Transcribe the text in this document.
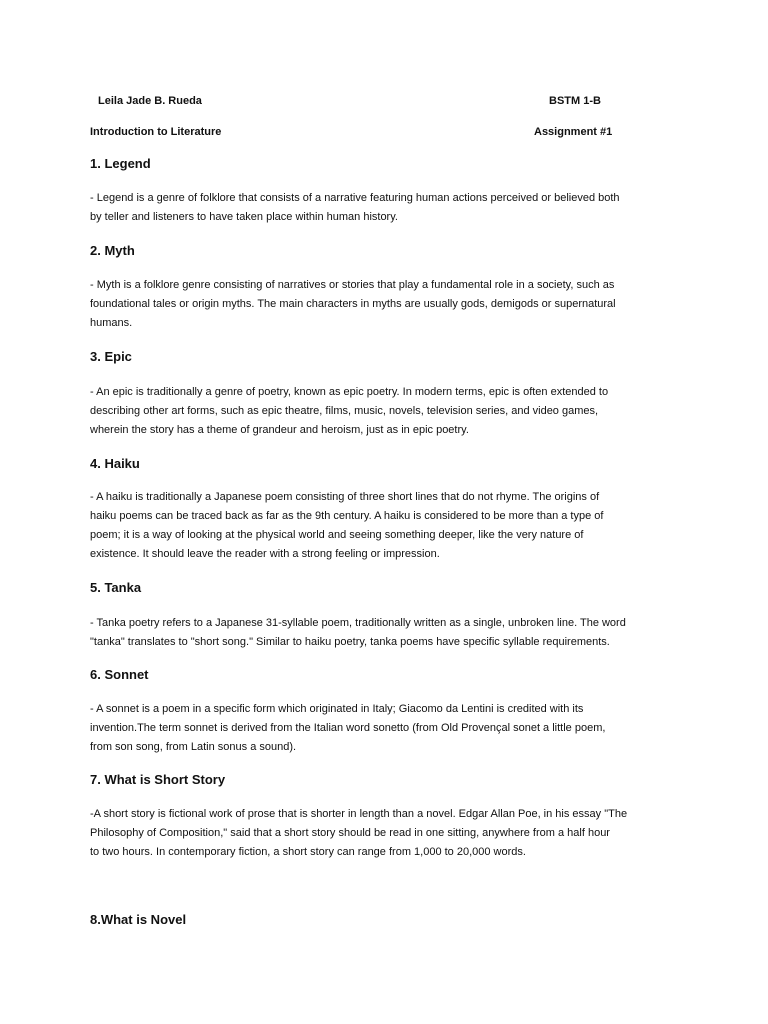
Leila Jade B. Rueda	BSTM 1-B
Introduction to Literature	Assignment #1
1. Legend
- Legend is a genre of folklore that consists of a narrative featuring human actions perceived or believed both
by teller and listeners to have taken place within human history.
2. Myth
- Myth is a folklore genre consisting of narratives or stories that play a fundamental role in a society, such as
foundational tales or origin myths. The main characters in myths are usually gods, demigods or supernatural
humans.
3. Epic
- An epic is traditionally a genre of poetry, known as epic poetry. In modern terms, epic is often extended to
describing other art forms, such as epic theatre, films, music, novels, television series, and video games,
wherein the story has a theme of grandeur and heroism, just as in epic poetry.
4. Haiku
- A haiku is traditionally a Japanese poem consisting of three short lines that do not rhyme. The origins of
haiku poems can be traced back as far as the 9th century. A haiku is considered to be more than a type of
poem; it is a way of looking at the physical world and seeing something deeper, like the very nature of
existence. It should leave the reader with a strong feeling or impression.
5. Tanka
- Tanka poetry refers to a Japanese 31-syllable poem, traditionally written as a single, unbroken line. The word
"tanka" translates to "short song." Similar to haiku poetry, tanka poems have specific syllable requirements.
6. Sonnet
- A sonnet is a poem in a specific form which originated in Italy; Giacomo da Lentini is credited with its
invention.The term sonnet is derived from the Italian word sonetto (from Old Provençal sonet a little poem,
from son song, from Latin sonus a sound).
7. What is Short Story
-A short story is fictional work of prose that is shorter in length than a novel. Edgar Allan Poe, in his essay "The
Philosophy of Composition," said that a short story should be read in one sitting, anywhere from a half hour
to two hours. In contemporary fiction, a short story can range from 1,000 to 20,000 words.
8.What is Novel
